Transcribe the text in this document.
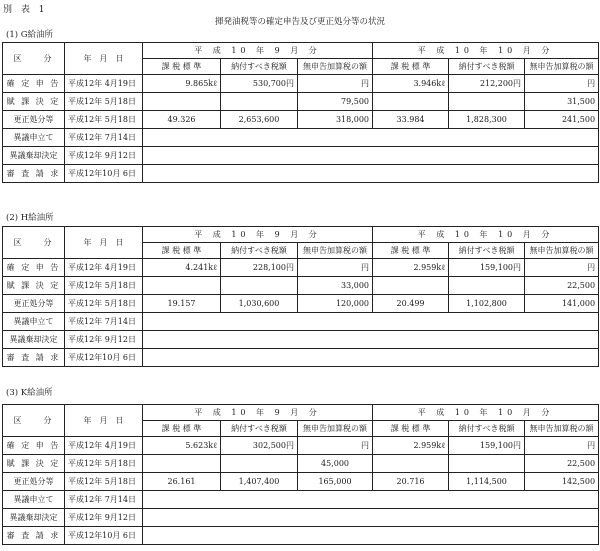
別 表 1
揮発油税等の確定申告及び更正処分等の状況
(1) G給油所
区　　分	年　月　日	平 成 10 年 9 月 分			平 成 10 年 10 月 分		
		課 税 標 準	納付すべき税額	無申告加算税の額	課 税 標 準	納付すべき税額	無申告加算税の額
確 定 申 告	平成12年 4月19日	9.865kℓ	530,700円	円	3.946kℓ	212,200円	円
賦 課 決 定	平成12年 5月18日			79,500			31,500
更正処分等	平成12年 5月18日	49.326	2,653,600	318,000	33.984	1,828,300	241,500
異議申立て	平成12年 7月14日						
異議棄却決定	平成12年 9月12日						
審 査 請 求	平成12年10月 6日						
(2) H給油所
区　　分	年　月　日	平 成 10 年 9 月 分			平 成 10 年 10 月 分		
		課 税 標 準	納付すべき税額	無申告加算税の額	課 税 標 準	納付すべき税額	無申告加算税の額
確 定 申 告	平成12年 4月19日	4.241kℓ	228,100円	円	2.959kℓ	159,100円	円
賦 課 決 定	平成12年 5月18日			33,000			22,500
更正処分等	平成12年 5月18日	19.157	1,030,600	120,000	20.499	1,102,800	141,000
異議申立て	平成12年 7月14日						
異議棄却決定	平成12年 9月12日						
審 査 請 求	平成12年10月 6日						
(3) K給油所
区　　分	年　月　日	平 成 10 年 9 月 分			平 成 10 年 10 月 分		
		課 税 標 準	納付すべき税額	無申告加算税の額	課 税 標 準	納付すべき税額	無申告加算税の額
確 定 申 告	平成12年 4月19日	5.623kℓ	302,500円	円	2.959kℓ	159,100円	円
賦 課 決 定	平成12年 5月18日			45,000			22,500
更正処分等	平成12年 5月18日	26.161	1,407,400	165,000	20.716	1,114,500	142,500
異議申立て	平成12年 7月14日						
異議棄却決定	平成12年 9月12日						
審 査 請 求	平成12年10月 6日						
